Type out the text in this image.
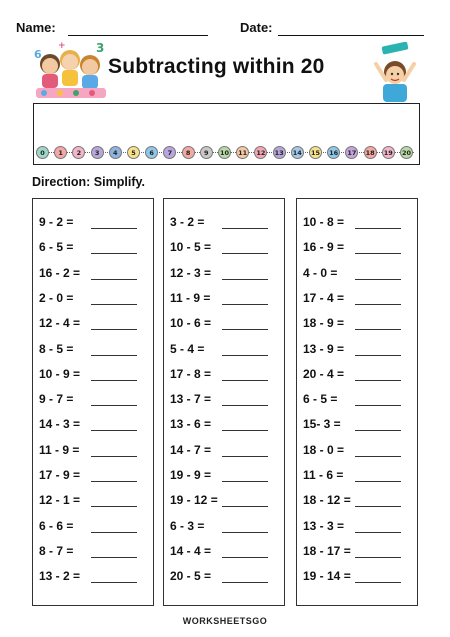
Name:	Date:
6	3
+
Subtracting within 20
0	1	2	3	4	5	6	7	8	9	10	11	12	13	14	15	16	17	18	19	20
Direction: Simplify.
9 - 2 =
6 - 5 =
16 - 2 =
2 - 0 =
12 - 4 =
8 - 5 =
10 - 9 =
9 - 7 =
14 - 3 =
11 - 9 =
17 - 9 =
12 - 1 =
6 - 6 =
8 - 7 =
13 - 2 =
3 - 2 =
10 - 5 =
12 - 3 =
11 - 9 =
10 - 6 =
5 - 4 =
17 - 8 =
13 - 7 =
13 - 6 =
14 - 7 =
19 - 9 =
19 - 12 =
6 - 3 =
14 - 4 =
20 - 5 =
10 - 8 =
16 - 9 =
4 - 0 =
17 - 4 =
18 - 9 =
13 - 9 =
20 - 4 =
6 - 5 =
15- 3 =
18 - 0 =
11 - 6 =
18 - 12 =
13 - 3 =
18 - 17 =
19 - 14 =
WORKSHEETSGO
